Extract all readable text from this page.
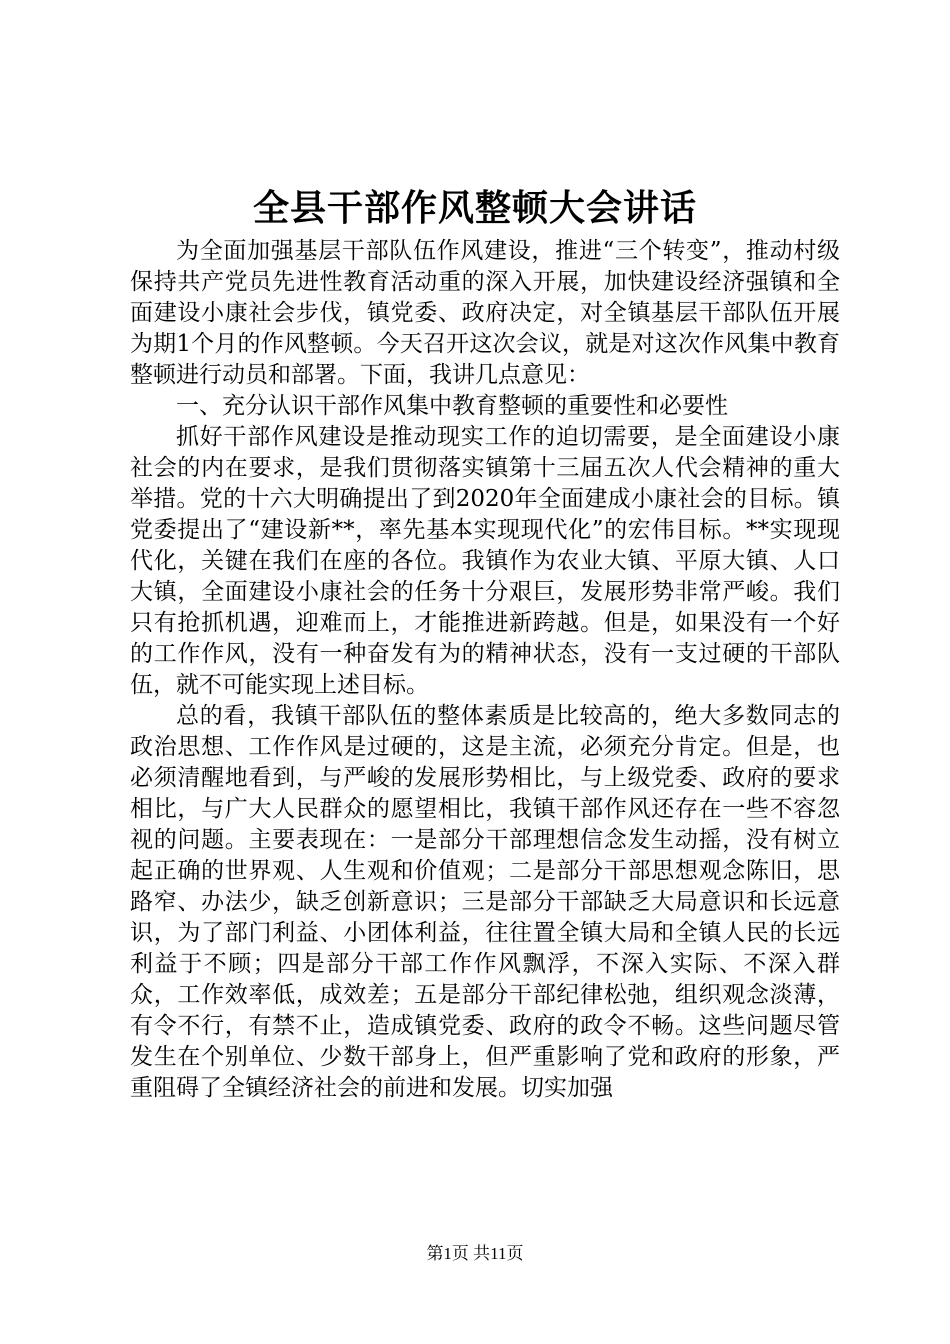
全县干部作风整顿大会讲话

为全面加强基层干部队伍作风建设，推进“三个转变”，推动村级保持共产党员先进性教育活动重的深入开展，加快建设经济强镇和全面建设小康社会步伐，镇党委、政府决定，对全镇基层干部队伍开展为期1个月的作风整顿。今天召开这次会议，就是对这次作风集中教育整顿进行动员和部署。下面，我讲几点意见：

一、充分认识干部作风集中教育整顿的重要性和必要性

抓好干部作风建设是推动现实工作的迫切需要，是全面建设小康社会的内在要求，是我们贯彻落实镇第十三届五次人代会精神的重大举措。党的十六大明确提出了到2020年全面建成小康社会的目标。镇党委提出了“建设新**，率先基本实现现代化”的宏伟目标。**实现现代化，关键在我们在座的各位。我镇作为农业大镇、平原大镇、人口大镇，全面建设小康社会的任务十分艰巨，发展形势非常严峻。我们只有抢抓机遇，迎难而上，才能推进新跨越。但是，如果没有一个好的工作作风，没有一种奋发有为的精神状态，没有一支过硬的干部队伍，就不可能实现上述目标。

总的看，我镇干部队伍的整体素质是比较高的，绝大多数同志的政治思想、工作作风是过硬的，这是主流，必须充分肯定。但是，也必须清醒地看到，与严峻的发展形势相比，与上级党委、政府的要求相比，与广大人民群众的愿望相比，我镇干部作风还存在一些不容忽视的问题。主要表现在：一是部分干部理想信念发生动摇，没有树立起正确的世界观、人生观和价值观；二是部分干部思想观念陈旧，思路窄、办法少，缺乏创新意识；三是部分干部缺乏大局意识和长远意识，为了部门利益、小团体利益，往往置全镇大局和全镇人民的长远利益于不顾；四是部分干部工作作风飘浮，不深入实际、不深入群众，工作效率低，成效差；五是部分干部纪律松弛，组织观念淡薄，有令不行，有禁不止，造成镇党委、政府的政令不畅。这些问题尽管发生在个别单位、少数干部身上，但严重影响了党和政府的形象，严重阻碍了全镇经济社会的前进和发展。切实加强

第1页 共11页
